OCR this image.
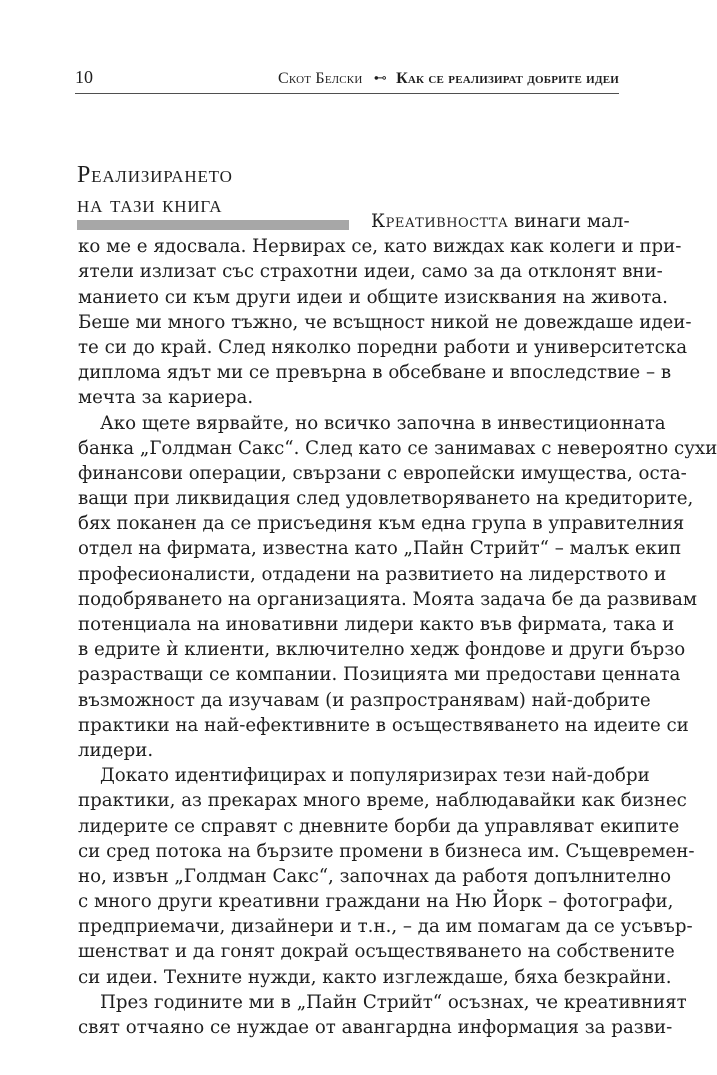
10	Скот Белски ⊷ Как се реализират добрите идеи
Реализирането
на тази книга
Креативността винаги мал-
ко ме е ядосвала. Нервирах се, като виждах как колеги и при-
ятели излизат със страхотни идеи, само за да отклонят вни-
манието си към други идеи и общите изисквания на живота.
Беше ми много тъжно, че всъщност никой не довеждаше идеи-
те си до край. След няколко поредни работи и университетска
диплома ядът ми се превърна в обсебване и впоследствие – в
мечта за кариера.
Ако щете вярвайте, но всичко започна в инвестиционната
банка „Голдман Сакс“. След като се занимавах с невероятно сухи
финансови операции, свързани с европейски имущества, оста-
ващи при ликвидация след удовлетворяването на кредиторите,
бях поканен да се присъединя към една група в управителния
отдел на фирмата, известна като „Пайн Стрийт“ – малък екип
професионалисти, отдадени на развитието на лидерството и
подобряването на организацията. Моята задача бе да развивам
потенциала на иновативни лидери както във фирмата, така и
в едрите ѝ клиенти, включително хедж фондове и други бързо
разрастващи се компании. Позицията ми предостави ценната
възможност да изучавам (и разпространявам) най-добрите
практики на най-ефективните в осъществяването на идеите си
лидери.
Докато идентифицирах и популяризирах тези най-добри
практики, аз прекарах много време, наблюдавайки как бизнес
лидерите се справят с дневните борби да управляват екипите
си сред потока на бързите промени в бизнеса им. Същевремен-
но, извън „Голдман Сакс“, започнах да работя допълнително
с много други креативни граждани на Ню Йорк – фотографи,
предприемачи, дизайнери и т.н., – да им помагам да се усъвър-
шенстват и да гонят докрай осъществяването на собствените
си идеи. Техните нужди, както изглеждаше, бяха безкрайни.
През годините ми в „Пайн Стрийт“ осъзнах, че креативният
свят отчаяно се нуждае от авангардна информация за разви-
